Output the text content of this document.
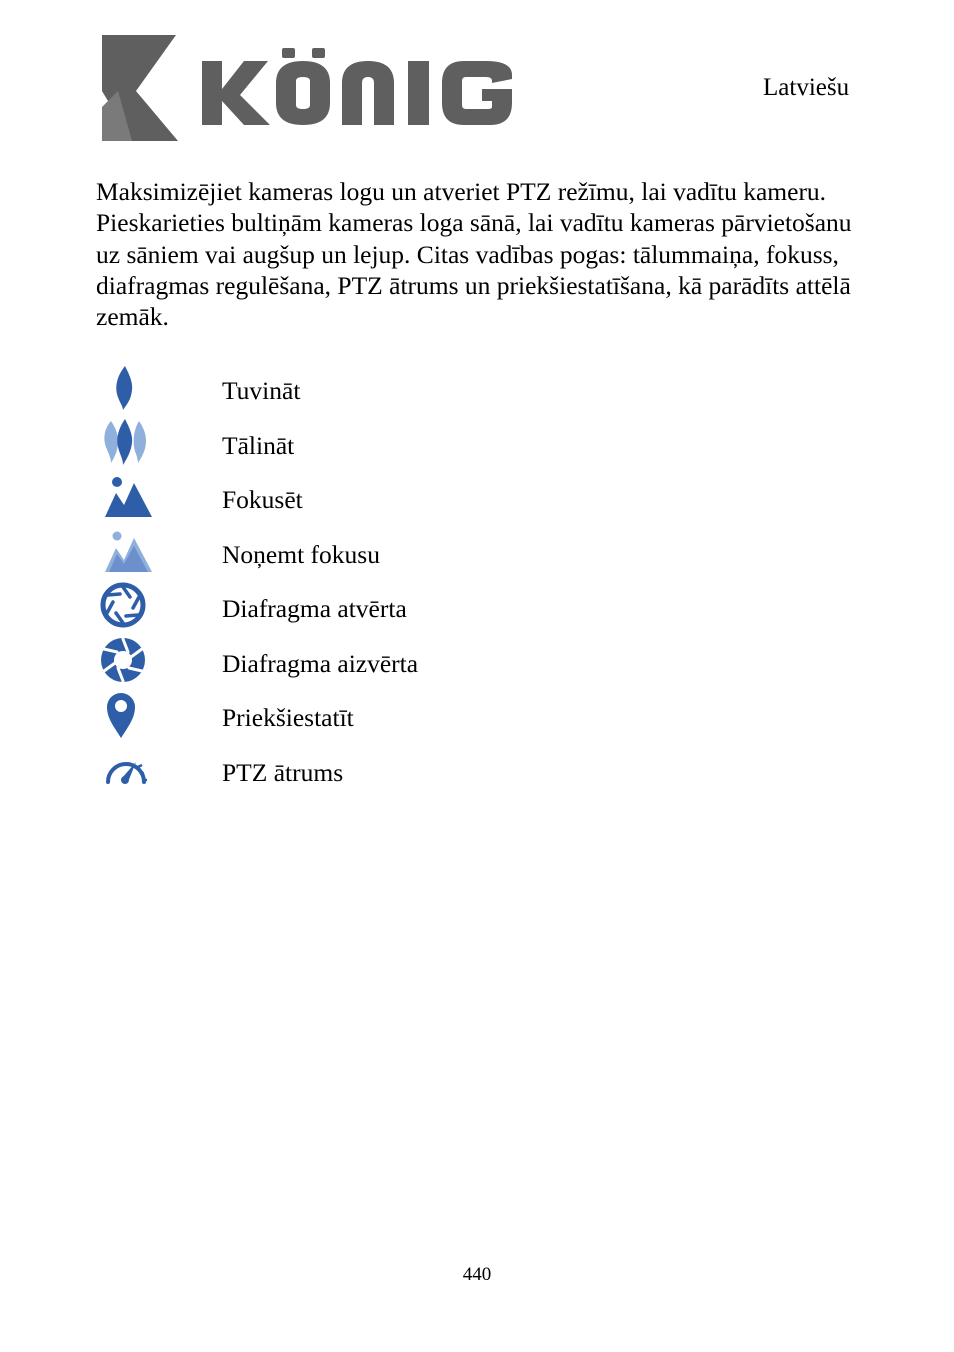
Latviešu

Maksimizējiet kameras logu un atveriet PTZ režīmu, lai vadītu kameru. Pieskarieties bultiņām kameras loga sānā, lai vadītu kameras pārvietošanu uz sāniem vai augšup un lejup. Citas vadības pogas: tālummaiņa, fokuss, diafragmas regulēšana, PTZ ātrums un priekšiestatīšana, kā parādīts attēlā zemāk.

Tuvināt
Tālināt
Fokusēt
Noņemt fokusu
Diafragma atvērta
Diafragma aizvērta
Priekšiestatīt
PTZ ātrums
440
